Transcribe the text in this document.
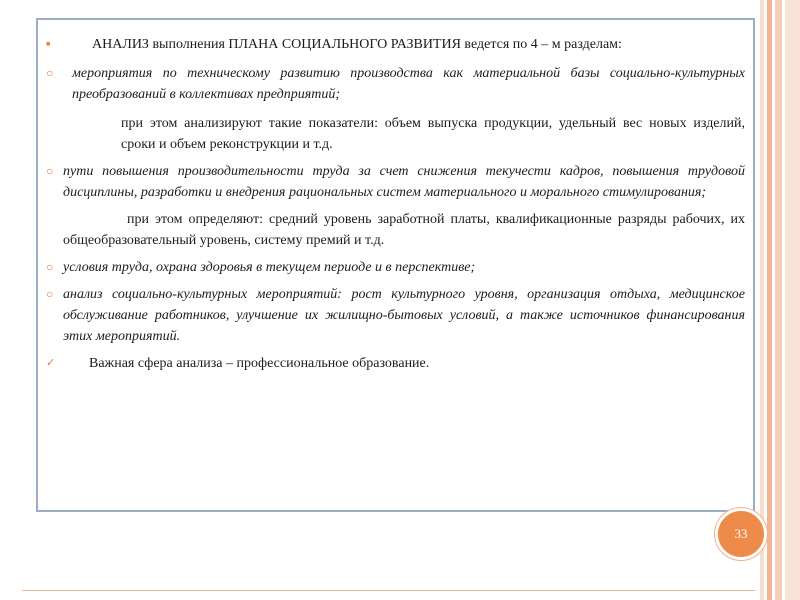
■	АНАЛИЗ выполнения ПЛАНА СОЦИАЛЬНОГО РАЗВИТИЯ ведется по 4 – м разделам:
○ мероприятия по техническому развитию производства как материальной базы социально-культурных преобразований в коллективах предприятий;
при этом анализируют такие показатели: объем выпуска продукции, удельный вес новых изделий, сроки и объем реконструкции и т.д.
○ пути повышения производительности труда за счет снижения текучести кадров, повышения трудовой дисциплины, разработки и внедрения рациональных систем материального и морального стимулирования;
при этом определяют: средний уровень заработной платы, квалификационные разряды рабочих, их общеобразовательный уровень, систему премий и т.д.
○ условия труда, охрана здоровья в текущем периоде и в перспективе;
○ анализ социально-культурных мероприятий: рост культурного уровня, организация отдыха, медицинское обслуживание работников, улучшение их жилищно-бытовых условий, а также источников финансирования этих мероприятий.
✓ Важная сфера анализа – профессиональное образование.
33
